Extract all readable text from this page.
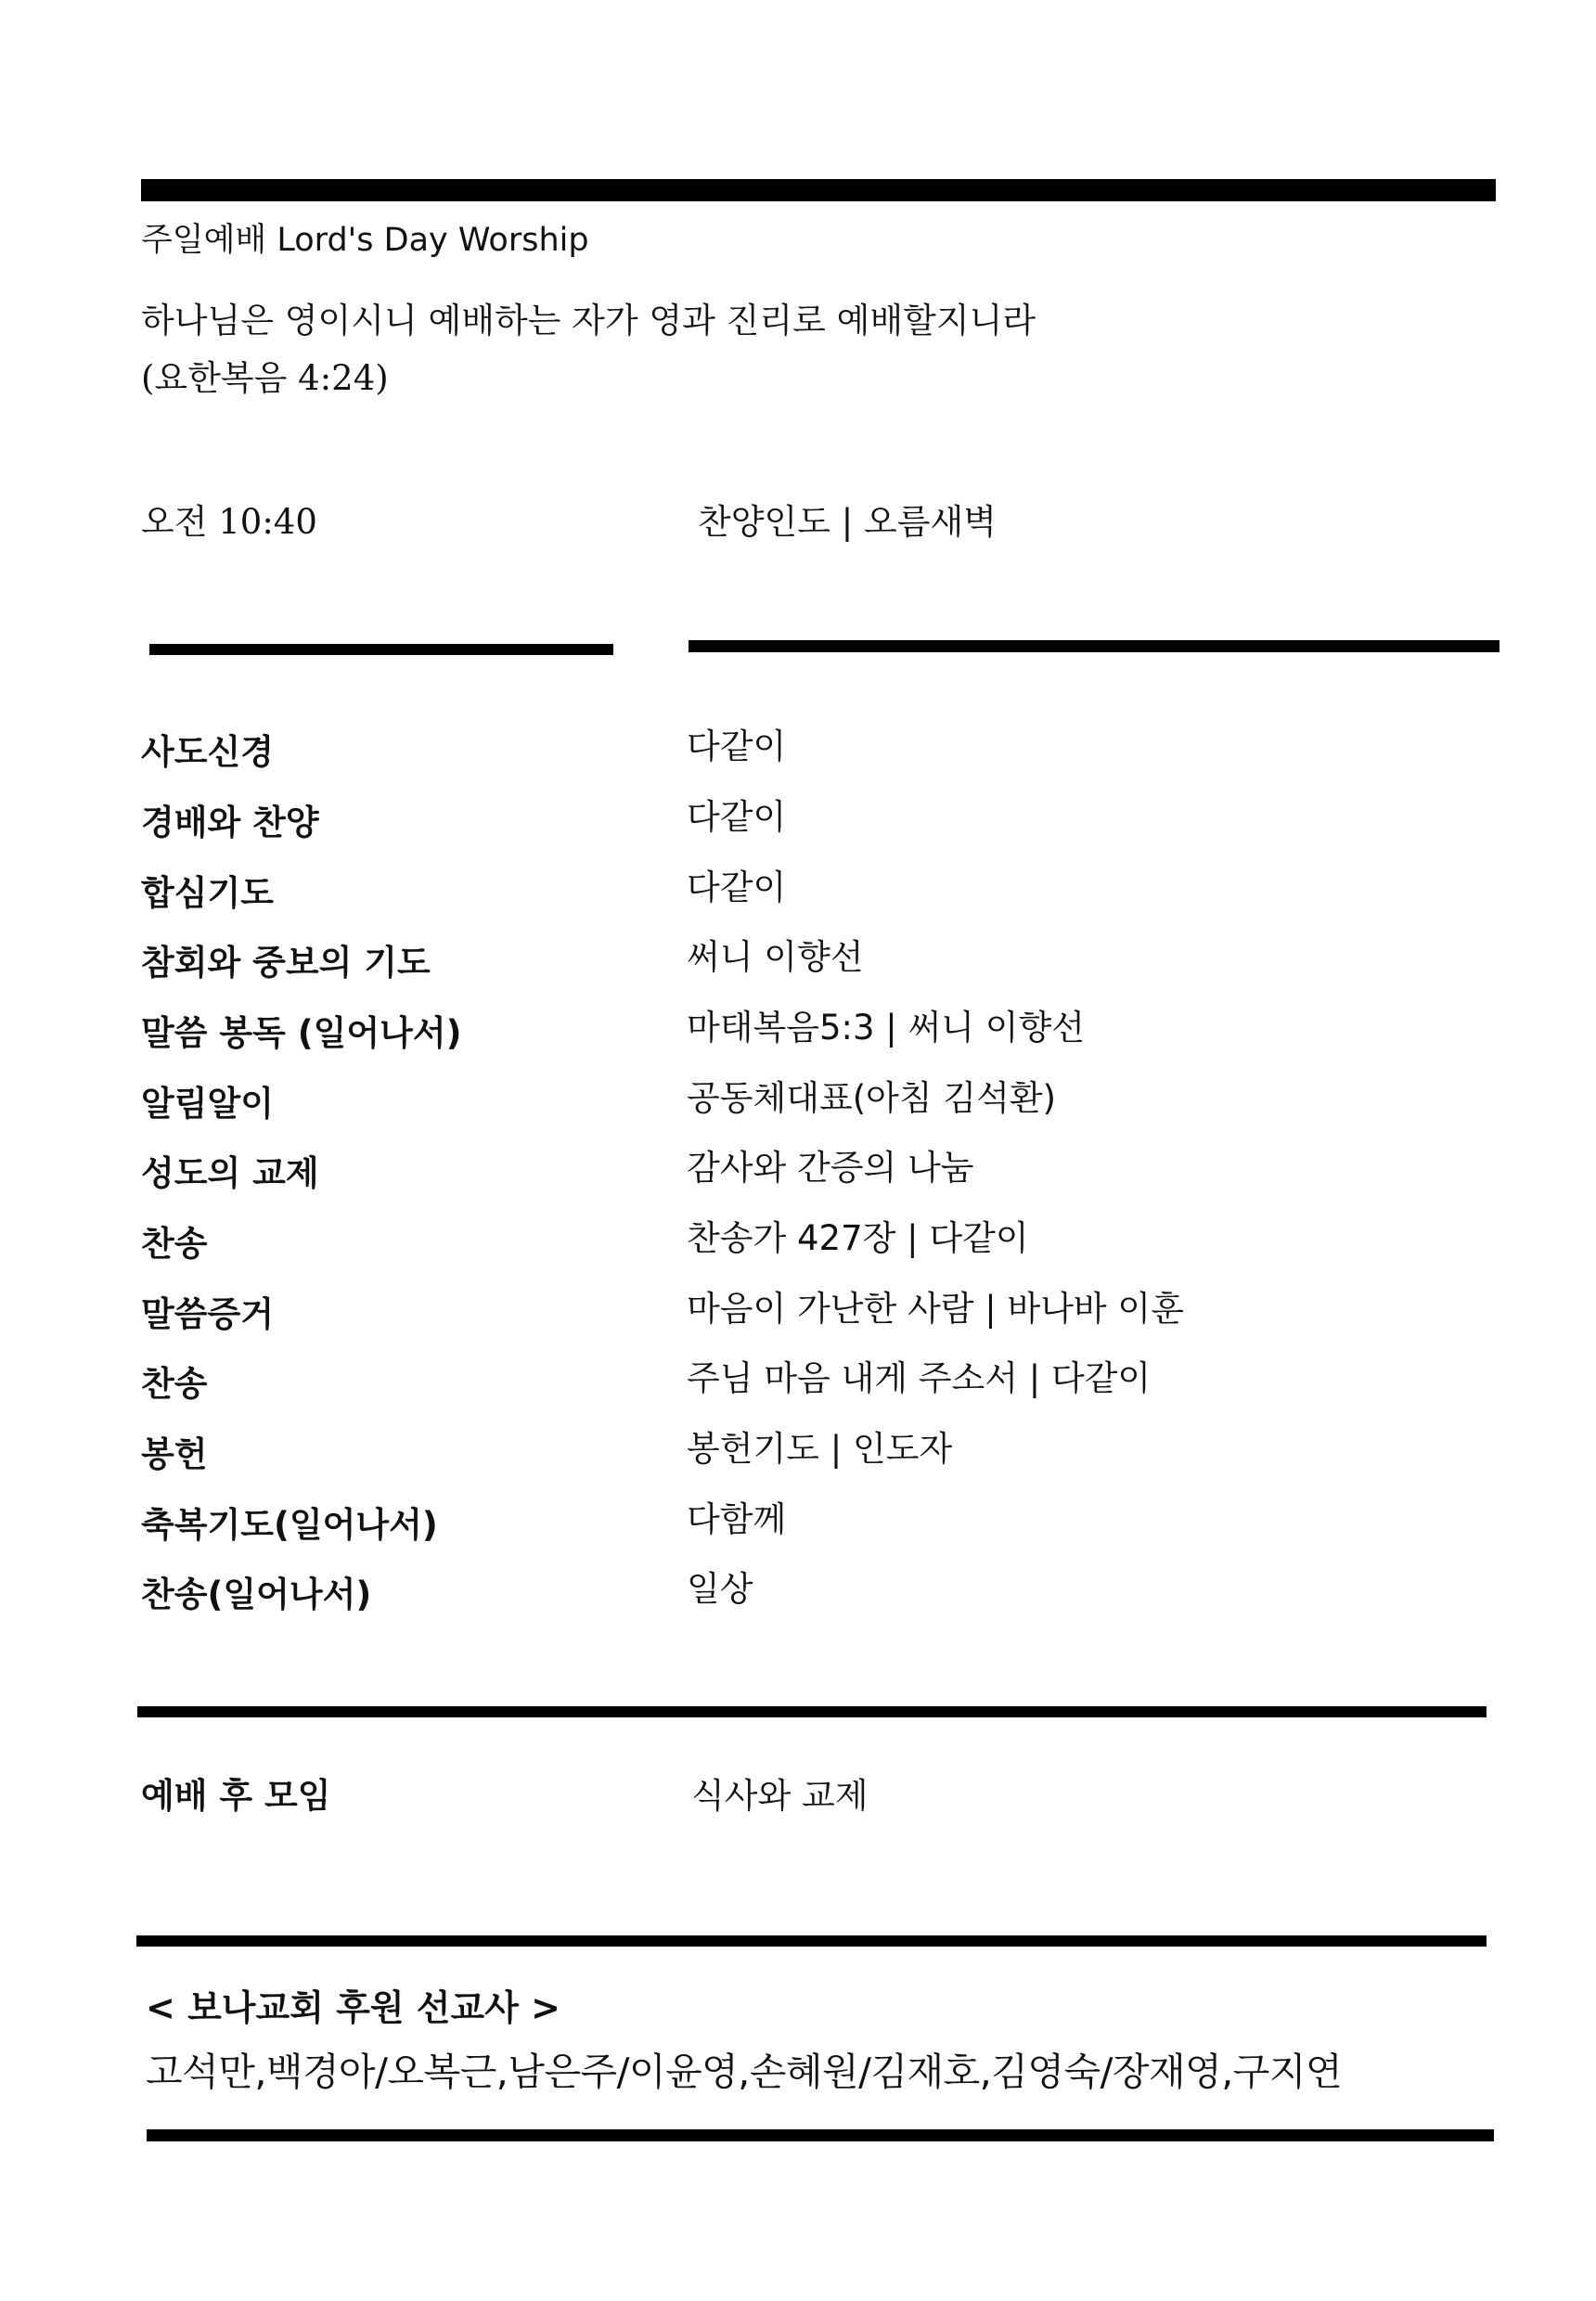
주일예배 Lord's Day Worship
하나님은 영이시니 예배하는 자가 영과 진리로 예배할지니라
(요한복음 4:24)
오전 10:40	찬양인도 | 오름새벽
사도신경	다같이
경배와 찬양	다같이
합심기도	다같이
참회와 중보의 기도	써니 이향선
말씀 봉독 (일어나서)	마태복음5:3 | 써니 이향선
알림알이	공동체대표(아침 김석환)
성도의 교제	감사와 간증의 나눔
찬송	찬송가 427장 | 다같이
말씀증거	마음이 가난한 사람 | 바나바 이훈
찬송	주님 마음 내게 주소서 | 다같이
봉헌	봉헌기도 | 인도자
축복기도(일어나서)	다함께
찬송(일어나서)	일상
예배 후 모임	식사와 교제
< 보나교회 후원 선교사 >
고석만,백경아/오복근,남은주/이윤영,손혜원/김재호,김영숙/장재영,구지연
